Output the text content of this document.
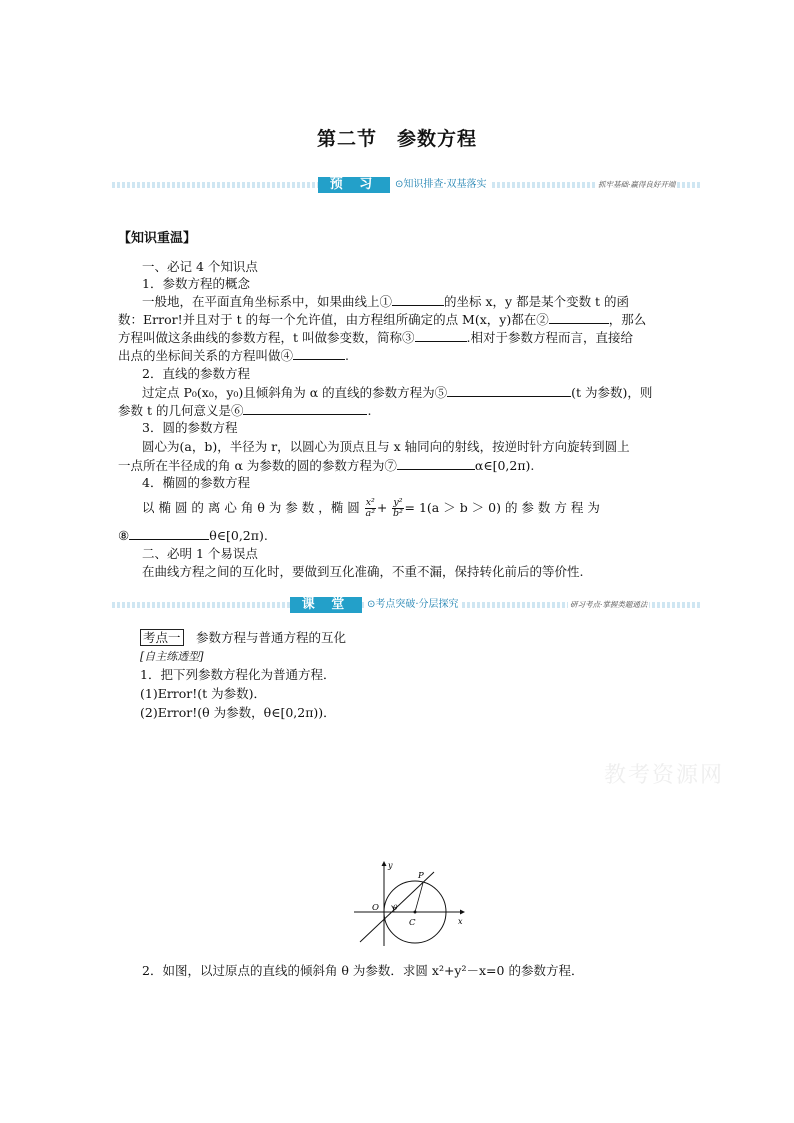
第二节　参数方程
预 习	⊙知识排查·双基落实	抓牢基础·赢得良好开端
【知识重温】
一、必记 4 个知识点
1．参数方程的概念
一般地，在平面直角坐标系中，如果曲线上①	的坐标 x，y 都是某个变数 t 的函
数：Error!并且对于 t 的每一个允许值，由方程组所确定的点 M(x，y)都在②	，那么
方程叫做这条曲线的参数方程，t 叫做参变数，简称③	.相对于参数方程而言，直接给
出点的坐标间关系的方程叫做④	.
2．直线的参数方程
过定点 P₀(x₀，y₀)且倾斜角为 α 的直线的参数方程为⑤	(t 为参数)，则
参数 t 的几何意义是⑥	.
3．圆的参数方程
圆心为(a，b)，半径为 r，以圆心为顶点且与 x 轴同向的射线，按逆时针方向旋转到圆上
一点所在半径成的角 α 为参数的圆的参数方程为⑦	α∈[0,2π).
4．椭圆的参数方程
以 椭 圆 的 离 心 角 θ 为 参 数 ，椭 圆 $\frac{\text{x²}}{\text{a²}} + \frac{\text{y²}}{\text{b²}} = 1(a > b > 0)$ 的 参 数 方 程 为
⑧	θ∈[0,2π).
二、必明 1 个易误点
在曲线方程之间的互化时，要做到互化准确，不重不漏，保持转化前后的等价性.
课 堂	⊙考点突破·分层探究	研习考点·掌握类题通法
考点一　 参数方程与普通方程的互化
[自主练透型]
1．把下列参数方程化为普通方程．
(1)Error!(t 为参数)．
(2)Error!(θ 为参数，θ∈[0,2π))．
教考资源网
y
x
O θ
C
P
2．如图，以过原点的直线的倾斜角 θ 为参数．求圆 x²+y²－x=0 的参数方程．
